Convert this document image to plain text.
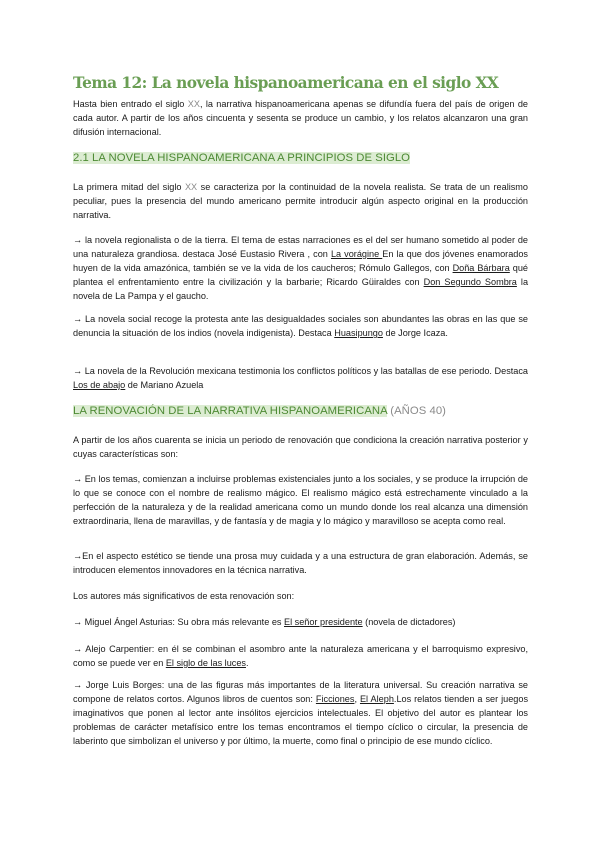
Tema 12: La novela hispanoamericana en el siglo XX

Hasta bien entrado el siglo XX, la narrativa hispanoamericana apenas se difundía fuera del país de origen de cada autor. A partir de los años cincuenta y sesenta se produce un cambio, y los relatos alcanzaron una gran difusión internacional.

2.1 LA NOVELA HISPANOAMERICANA A PRINCIPIOS DE SIGLO

La primera mitad del siglo XX se caracteriza por la continuidad de la novela realista. Se trata de un realismo peculiar, pues la presencia del mundo americano permite introducir algún aspecto original en la producción narrativa.

→ la novela regionalista o de la tierra. El tema de estas narraciones es el del ser humano sometido al poder de una naturaleza grandiosa. destaca José Eustasio Rivera , con La vorágine En la que dos jóvenes enamorados huyen de la vida amazónica, también se ve la vida de los caucheros; Rómulo Gallegos, con Doña Bárbara qué plantea el enfrentamiento entre la civilización y la barbarie; Ricardo Güiraldes con Don Segundo Sombra la novela de La Pampa y el gaucho.

→ La novela social recoge la protesta ante las desigualdades sociales son abundantes las obras en las que se denuncia la situación de los indios (novela indigenista). Destaca Huasipungo de Jorge Icaza.

→ La novela de la Revolución mexicana testimonia los conflictos políticos y las batallas de ese periodo. Destaca Los de abajo de Mariano Azuela

LA RENOVACIÓN DE LA NARRATIVA HISPANOAMERICANA (AÑOS 40)

A partir de los años cuarenta se inicia un periodo de renovación que condiciona la creación narrativa posterior y cuyas características son:

→ En los temas, comienzan a incluirse problemas existenciales junto a los sociales, y se produce la irrupción de lo que se conoce con el nombre de realismo mágico. El realismo mágico está estrechamente vinculado a la perfección de la naturaleza y de la realidad americana como un mundo donde los real alcanza una dimensión extraordinaria, llena de maravillas, y de fantasía y de magia y lo mágico y maravilloso se acepta como real.

→En el aspecto estético se tiende una prosa muy cuidada y a una estructura de gran elaboración. Además, se introducen elementos innovadores en la técnica narrativa.

Los autores más significativos de esta renovación son:

→ Miguel Ángel Asturias: Su obra más relevante es El señor presidente (novela de dictadores)

→ Alejo Carpentier: en él se combinan el asombro ante la naturaleza americana y el barroquismo expresivo, como se puede ver en El siglo de las luces.

→ Jorge Luis Borges: una de las figuras más importantes de la literatura universal. Su creación narrativa se compone de relatos cortos. Algunos libros de cuentos son: Ficciones, El Aleph.Los relatos tienden a ser juegos imaginativos que ponen al lector ante insólitos ejercicios intelectuales. El objetivo del autor es plantear los problemas de carácter metafísico entre los temas encontramos el tiempo cíclico o circular, la presencia de laberinto que simbolizan el universo y por último, la muerte, como final o principio de ese mundo cíclico.
